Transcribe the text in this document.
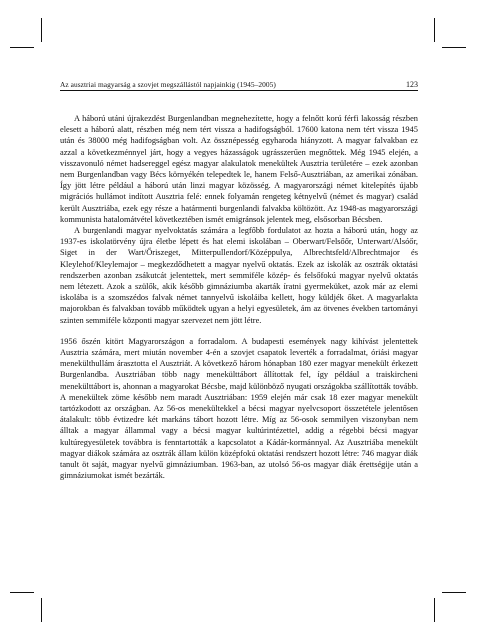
Az ausztriai magyarság a szovjet megszállástól napjainkig (1945–2005)	123

A háború utáni újrakezdést Burgenlandban megnehezítette, hogy a felnőtt korú férfi lakosság részben elesett a háború alatt, részben még nem tért vissza a hadifogságból. 17600 katona nem tért vissza 1945 után és 38000 még hadifogságban volt. Az össznépesség egyharoda hiányzott. A magyar falvakban ez azzal a következménnyel járt, hogy a vegyes házasságok ugrásszerűen megnőttek. Még 1945 elején, a visszavonuló német hadsereggel egész magyar alakulatok menekültek Ausztria területére – ezek azonban nem Burgenlandban vagy Bécs környékén telepedtek le, hanem Felső-Ausztriában, az amerikai zónában. Így jött létre például a háború után linzi magyar közösség. A magyarországi német kitelepítés újabb migrációs hullámot indított Ausztria felé: ennek folyamán rengeteg kétnyelvű (német és magyar) család került Ausztriába, ezek egy része a határmenti burgenlandi falvakba költözött. Az 1948-as magyarországi kommunista hatalomátvétel következtében ismét emigránsok jelentek meg, elsősorban Bécsben.

A burgenlandi magyar nyelvoktatás számára a legfőbb fordulatot az hozta a háború után, hogy az 1937-es iskolatörvény újra életbe lépett és hat elemi iskolában – Oberwart/Felsőőr, Unterwart/Alsóőr, Siget in der Wart/Őriszeget, Mitterpullendorf/Középpulya, Albrechtsfeld/Albrechtmajor és Kleylehof/Kleylemajor – megkezdődhetett a magyar nyelvű oktatás. Ezek az iskolák az osztrák oktatási rendszerben azonban zsákutcát jelentettek, mert semmiféle közép- és felsőfokú magyar nyelvű oktatás nem létezett. Azok a szülők, akik később gimnáziumba akarták íratni gyermeküket, azok már az elemi iskolába is a szomszédos falvak német tannyelvű iskoláiba kellett, hogy küldjék őket. A magyarlakta majorokban és falvakban tovább működtek ugyan a helyi egyesületek, ám az ötvenes években tartományi szinten semmiféle központi magyar szervezet nem jött létre.

1956 őszén kitört Magyarországon a forradalom. A budapesti események nagy kihívást jelentettek Ausztria számára, mert miután november 4-én a szovjet csapatok leverték a forradalmat, óriási magyar menekülthullám árasztotta el Ausztriát. A következő három hónapban 180 ezer magyar menekült érkezett Burgenlandba. Ausztriában több nagy menekülttábort állítottak fel, így például a traiskircheni menekülttábort is, ahonnan a magyarokat Bécsbe, majd különböző nyugati országokba szállították tovább. A menekültek zöme később nem maradt Ausztriában: 1959 elején már csak 18 ezer magyar menekült tartózkodott az országban. Az 56-os menekültekkel a bécsi magyar nyelvcsoport összetétele jelentősen átalakult: több évtizedre két markáns tábort hozott létre. Míg az 56-osok semmilyen viszonyban nem álltak a magyar állammal vagy a bécsi magyar kultúrintézettel, addig a régebbi bécsi magyar kultúregyesületek továbbra is fenntartották a kapcsolatot a Kádár-kormánnyal. Az Ausztriába menekült magyar diákok számára az osztrák állam külön középfokú oktatási rendszert hozott létre: 746 magyar diák tanult öt saját, magyar nyelvű gimnáziumban. 1963-ban, az utolsó 56-os magyar diák érettségije után a gimnáziumokat ismét bezárták.
